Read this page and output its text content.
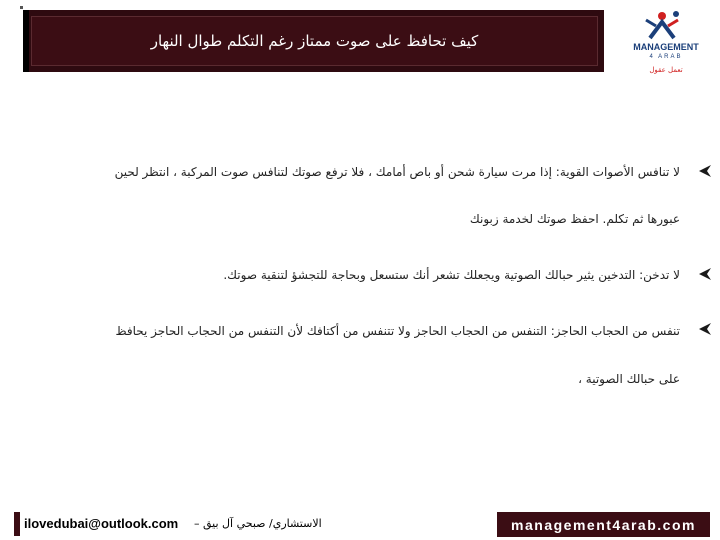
كيف تحافظ على صوت ممتاز رغم التكلم طوال النهار	MANAGEMENT
4 ARAB
تعمل عقول
لا تنافس الأصوات القوية: إذا مرت سيارة شحن أو باص أمامك ، فلا ترفع صوتك لتنافس صوت المركبة ، انتظر لحين
عبورها ثم تكلم. احفظ صوتك لخدمة زبونك
لا تدخن: التدخين يثير حبالك الصوتية ويجعلك تشعر أنك ستسعل وبحاجة للتجشؤ لتنقية صوتك.
تنفس من الحجاب الحاجز: التنفس من الحجاب الحاجز ولا تتنفس من أكتافك لأن التنفس من الحجاب الحاجز يحافظ
على حبالك الصوتية ،
ilovedubai@outlook.com الاستشاري/ صبحي آل بيق –	management4arab.com
